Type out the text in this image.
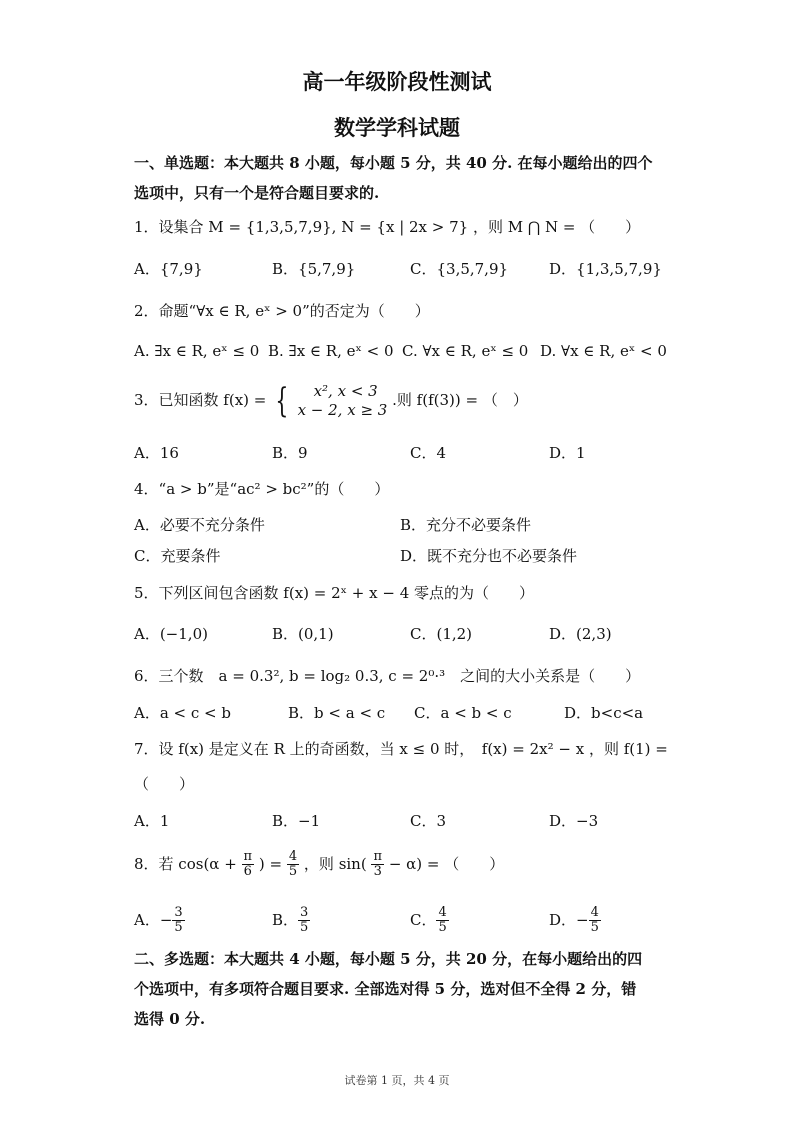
高一年级阶段性测试
数学学科试题
一、单选题：本大题共 8 小题，每小题 5 分，共 40 分. 在每小题给出的四个
选项中，只有一个是符合题目要求的.
1．设集合 M = {1,3,5,7,9}, N = {x | 2x > 7} ，则 M ⋂ N = （　　）
A．{7,9}	B．{5,7,9}	C．{3,5,7,9}	D．{1,3,5,7,9}
2．命题“∀x ∈ R, eˣ > 0”的否定为（　　）
A. ∃x ∈ R, eˣ ≤ 0 B. ∃x ∈ R, eˣ < 0 C. ∀x ∈ R, eˣ ≤ 0 D. ∀x ∈ R, eˣ < 0
3．已知函数 f(x) = {	x², x < 3
x − 2, x ≥ 3
.则 f(f(3)) = （　）
A．16	B．9	C．4	D．1
4．“a > b”是“ac² > bc²”的（　　）
A．必要不充分条件	B．充分不必要条件
C．充要条件	D．既不充分也不必要条件
5．下列区间包含函数 f(x) = 2ˣ + x − 4 零点的为（　　）
A．(−1,0)	B．(0,1)	C．(1,2)	D．(2,3)
6．三个数　a = 0.3², b = log₂ 0.3, c = 2⁰·³　之间的大小关系是（　　）
A．a < c < b	B．b < a < c C．a < b < c	D．b<c<a
7．设 f(x) 是定义在 R 上的奇函数，当 x ≤ 0 时，　f(x) = 2x² − x ，则 f(1) =
（　　）
A．1	B．−1	C．3	D．−3
8．若 $\cos(\alpha + \frac{\pi}{6}$ ) = $\frac{4}{5}$ ，则 $\sin( \frac{\pi}{3} - \alpha)$ = （　　）
A．− $\frac{3}{5}$	B． $\frac{3}{5}$	C． $\frac{4}{5}$	D．− $\frac{4}{5}$
二、多选题：本大题共 4 小题，每小题 5 分，共 20 分，在每小题给出的四
个选项中，有多项符合题目要求. 全部选对得 5 分，选对但不全得 2 分，错
选得 0 分.
试卷第 1 页，共 4 页
